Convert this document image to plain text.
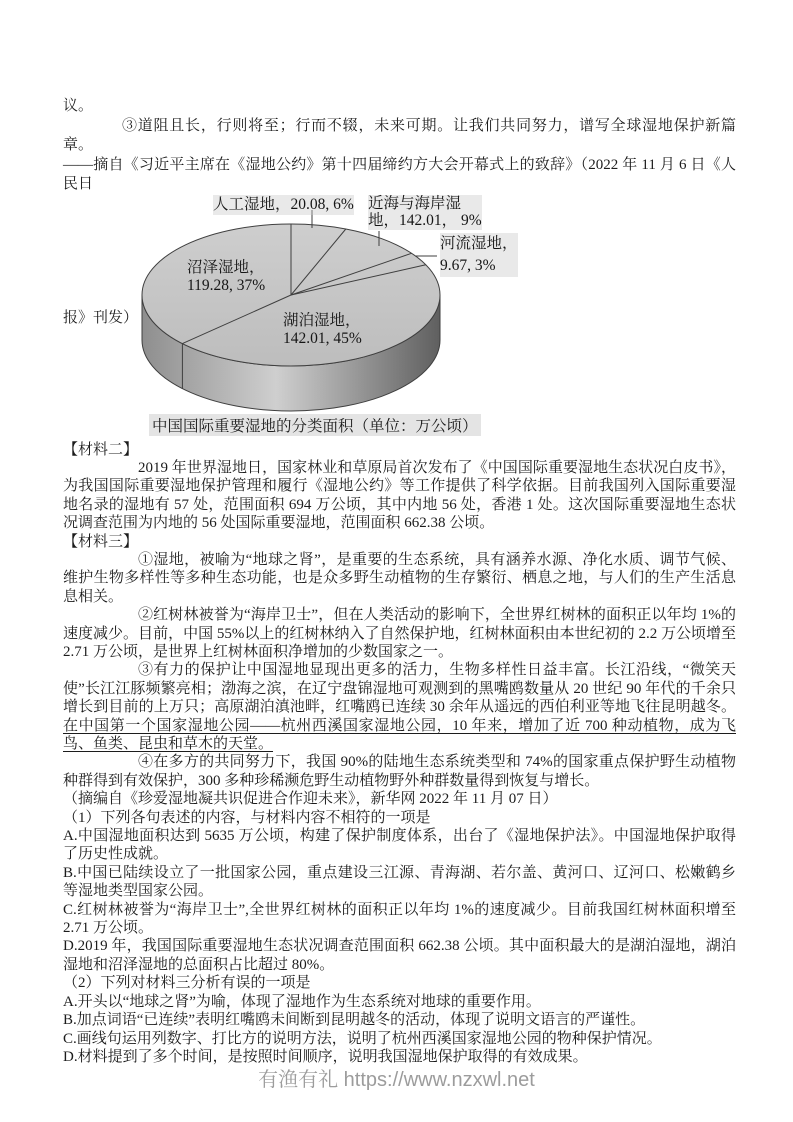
议。

③道阻且长，行则将至；行而不辍，未来可期。让我们共同努力，谱写全球湿地保护新篇章。

——摘自《习近平主席在《湿地公约》第十四届缔约方大会开幕式上的致辞》（2022 年 11 月 6 日《人民日

报》刊发）
人工湿地，20.08, 6% 近海与海岸湿
地，142.01， 9%
河流湿地，
9.67, 3%
沼泽湿地，
119.28, 37%
湖泊湿地，
142.01, 45%
中国国际重要湿地的分类面积（单位：万公顷）

【材料二】

2019 年世界湿地日，国家林业和草原局首次发布了《中国国际重要湿地生态状况白皮书》，为我国国际重要湿地保护管理和履行《湿地公约》等工作提供了科学依据。目前我国列入国际重要湿地名录的湿地有 57 处，范围面积 694 万公顷，其中内地 56 处，香港 1 处。这次国际重要湿地生态状况调查范围为内地的 56 处国际重要湿地，范围面积 662.38 公顷。

【材料三】

①湿地，被喻为“地球之肾”，是重要的生态系统，具有涵养水源、净化水质、调节气候、维护生物多样性等多种生态功能，也是众多野生动植物的生存繁衍、栖息之地，与人们的生产生活息息相关。

②红树林被誉为“海岸卫士”，但在人类活动的影响下，全世界红树林的面积正以年均 1%的速度减少。目前，中国 55%以上的红树林纳入了自然保护地，红树林面积由本世纪初的 2.2 万公顷增至 2.71 万公顷，是世界上红树林面积净增加的少数国家之一。

③有力的保护让中国湿地显现出更多的活力，生物多样性日益丰富。长江沿线，“微笑天使”长江江豚频繁亮相；渤海之滨，在辽宁盘锦湿地可观测到的黑嘴鸥数量从 20 世纪 90 年代的千余只增长到目前的上万只；高原湖泊滇池畔，红嘴鸥已连续 30 余年从遥远的西伯利亚等地飞往昆明越冬。在中国第一个国家湿地公园——杭州西溪国家湿地公园，10 年来，增加了近 700 种动植物，成为飞鸟、鱼类、昆虫和草木的天堂。

④在多方的共同努力下，我国 90%的陆地生态系统类型和 74%的国家重点保护野生动植物种群得到有效保护，300 多种珍稀濒危野生动植物野外种群数量得到恢复与增长。

（摘编自《珍爱湿地凝共识促进合作迎未来》，新华网 2022 年 11 月 07 日）

（1）下列各句表述的内容，与材料内容不相符的一项是

A.中国湿地面积达到 5635 万公顷，构建了保护制度体系，出台了《湿地保护法》。中国湿地保护取得了历史性成就。

B.中国已陆续设立了一批国家公园，重点建设三江源、青海湖、若尔盖、黄河口、辽河口、松嫩鹤乡等湿地类型国家公园。

C.红树林被誉为“海岸卫士”,全世界红树林的面积正以年均 1%的速度减少。目前我国红树林面积增至 2.71 万公顷。

D.2019 年，我国国际重要湿地生态状况调查范围面积 662.38 公顷。其中面积最大的是湖泊湿地，湖泊湿地和沼泽湿地的总面积占比超过 80%。

（2）下列对材料三分析有误的一项是

A.开头以“地球之肾”为喻，体现了湿地作为生态系统对地球的重要作用。

B.加点词语“已连续”表明红嘴鸥未间断到昆明越冬的活动，体现了说明文语言的严谨性。

C.画线句运用列数字、打比方的说明方法，说明了杭州西溪国家湿地公园的物种保护情况。

D.材料提到了多个时间，是按照时间顺序，说明我国湿地保护取得的有效成果。

有渔有礼 https://www.nzxwl.net
